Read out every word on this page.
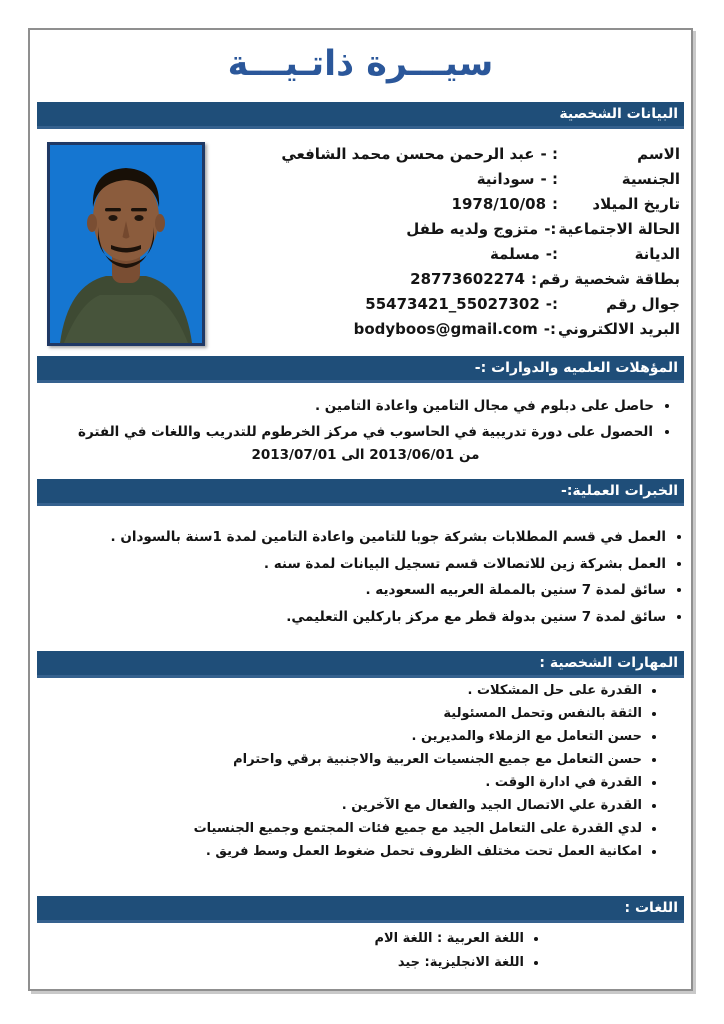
سيـــرة ذاتـيـــة
البيانات الشخصية
الاسم
: -
عبد الرحمن محسن محمد الشافعي
الجنسية
: -
سودانية
تاريخ الميلاد
:
1978/10/08
الحالة الاجتماعية
:-
متزوج ولديه طفل
الديانة
:-
مسلمة
بطاقة شخصية رقم
:
28773602274
جوال رقم
:-
55473421_55027302
البريد الالكتروني
:-
bodyboos@gmail.com
المؤهلات العلميه والدوارات :-
• حاصل على دبلوم في مجال التامين واعادة التامين .
• الحصول على دورة تدريبية في الحاسوب في مركز الخرطوم للتدريب واللغات في الفترة من 2013/06/01 الى 2013/07/01
الخبرات العملية:-
• العمل في قسم المطلابات بشركة جوبا للتامين واعادة التامين لمدة 1سنة بالسودان .
• العمل بشركة زين للاتصالات قسم تسجيل البيانات لمدة سنه .
• سائق لمدة 7 سنين بالمملة العربيه السعوديه .
• سائق لمدة 7 سنين بدولة قطر مع مركز باركلين التعليمي.
المهارات الشخصية :
• القدرة على حل المشكلات .
• الثقة بالنفس وتحمل المسئولية
• حسن التعامل مع الزملاء والمديرين .
• حسن التعامل مع جميع الجنسيات العربية والاجنبية برقي واحترام
• القدرة في ادارة الوقت .
• القدرة علي الاتصال الجيد والفعال مع الآخرين .
• لدي القدرة على التعامل الجيد مع جميع فئات المجتمع وجميع الجنسيات
• امكانية العمل تحت مختلف الظروف تحمل ضغوط العمل وسط فريق .
اللغات :
• اللغة العربية : اللغة الام
• اللغة الانجليزية: جيد
